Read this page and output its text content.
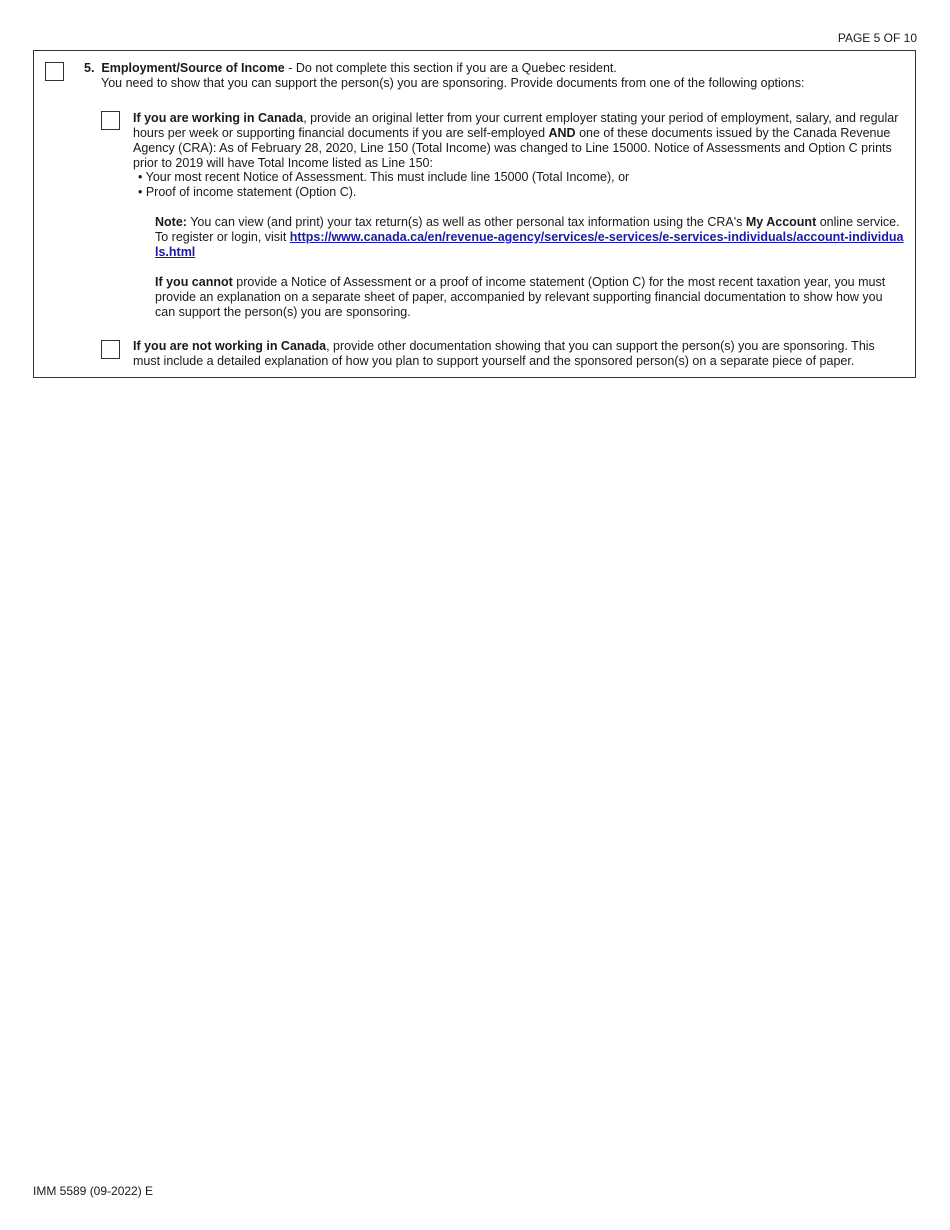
PAGE 5 OF 10
5. Employment/Source of Income - Do not complete this section if you are a Quebec resident.
You need to show that you can support the person(s) you are sponsoring. Provide documents from one of the following options:
If you are working in Canada, provide an original letter from your current employer stating your period of employment, salary, and regular hours per week or supporting financial documents if you are self-employed AND one of these documents issued by the Canada Revenue Agency (CRA): As of February 28, 2020, Line 150 (Total Income) was changed to Line 15000. Notice of Assessments and Option C prints prior to 2019 will have Total Income listed as Line 150:
• Your most recent Notice of Assessment. This must include line 15000 (Total Income), or
• Proof of income statement (Option C).
Note: You can view (and print) your tax return(s) as well as other personal tax information using the CRA's My Account online service. To register or login, visit https://www.canada.ca/en/revenue-agency/services/e-services/e-services-individuals/account-individuals.html
If you cannot provide a Notice of Assessment or a proof of income statement (Option C) for the most recent taxation year, you must provide an explanation on a separate sheet of paper, accompanied by relevant supporting financial documentation to show how you can support the person(s) you are sponsoring.
If you are not working in Canada, provide other documentation showing that you can support the person(s) you are sponsoring. This must include a detailed explanation of how you plan to support yourself and the sponsored person(s) on a separate piece of paper.
IMM 5589 (09-2022) E
